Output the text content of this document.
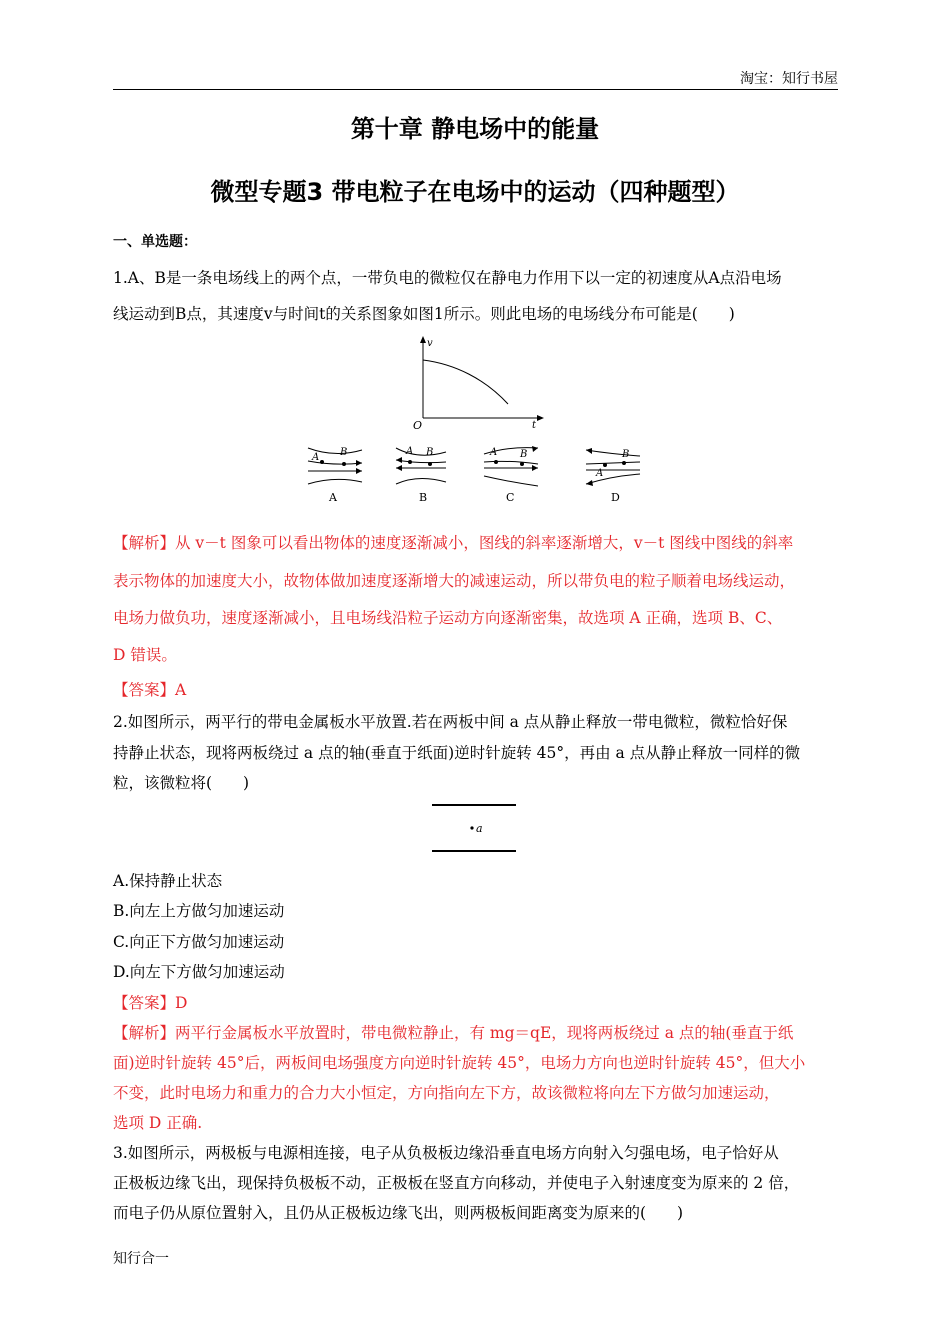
淘宝：知行书屋
第十章 静电场中的能量
微型专题3 带电粒子在电场中的运动（四种题型）
一、单选题：
1.A、B是一条电场线上的两个点，一带负电的微粒仅在静电力作用下以一定的初速度从A点沿电场
线运动到B点，其速度v与时间t的关系图象如图1所示。则此电场的电场线分布可能是(　　)
v
t
O
A B
A
A B
B
A B
C
A
B
D
【解析】从 v－t 图象可以看出物体的速度逐渐减小，图线的斜率逐渐增大，v－t 图线中图线的斜率
表示物体的加速度大小，故物体做加速度逐渐增大的减速运动，所以带负电的粒子顺着电场线运动，
电场力做负功，速度逐渐减小，且电场线沿粒子运动方向逐渐密集，故选项 A 正确，选项 B、C、
D 错误。
【答案】A
2.如图所示，两平行的带电金属板水平放置.若在两板中间 a 点从静止释放一带电微粒，微粒恰好保
持静止状态，现将两板绕过 a 点的轴(垂直于纸面)逆时针旋转 45°，再由 a 点从静止释放一同样的微
粒，该微粒将(　　)
a
A.保持静止状态
B.向左上方做匀加速运动
C.向正下方做匀加速运动
D.向左下方做匀加速运动
【答案】D
【解析】两平行金属板水平放置时，带电微粒静止，有 mg＝qE，现将两板绕过 a 点的轴(垂直于纸
面)逆时针旋转 45°后，两板间电场强度方向逆时针旋转 45°，电场力方向也逆时针旋转 45°，但大小
不变，此时电场力和重力的合力大小恒定，方向指向左下方，故该微粒将向左下方做匀加速运动，
选项 D 正确.
3.如图所示，两极板与电源相连接，电子从负极板边缘沿垂直电场方向射入匀强电场，电子恰好从
正极板边缘飞出，现保持负极板不动，正极板在竖直方向移动，并使电子入射速度变为原来的 2 倍，
而电子仍从原位置射入，且仍从正极板边缘飞出，则两极板间距离变为原来的(　　)
知行合一
